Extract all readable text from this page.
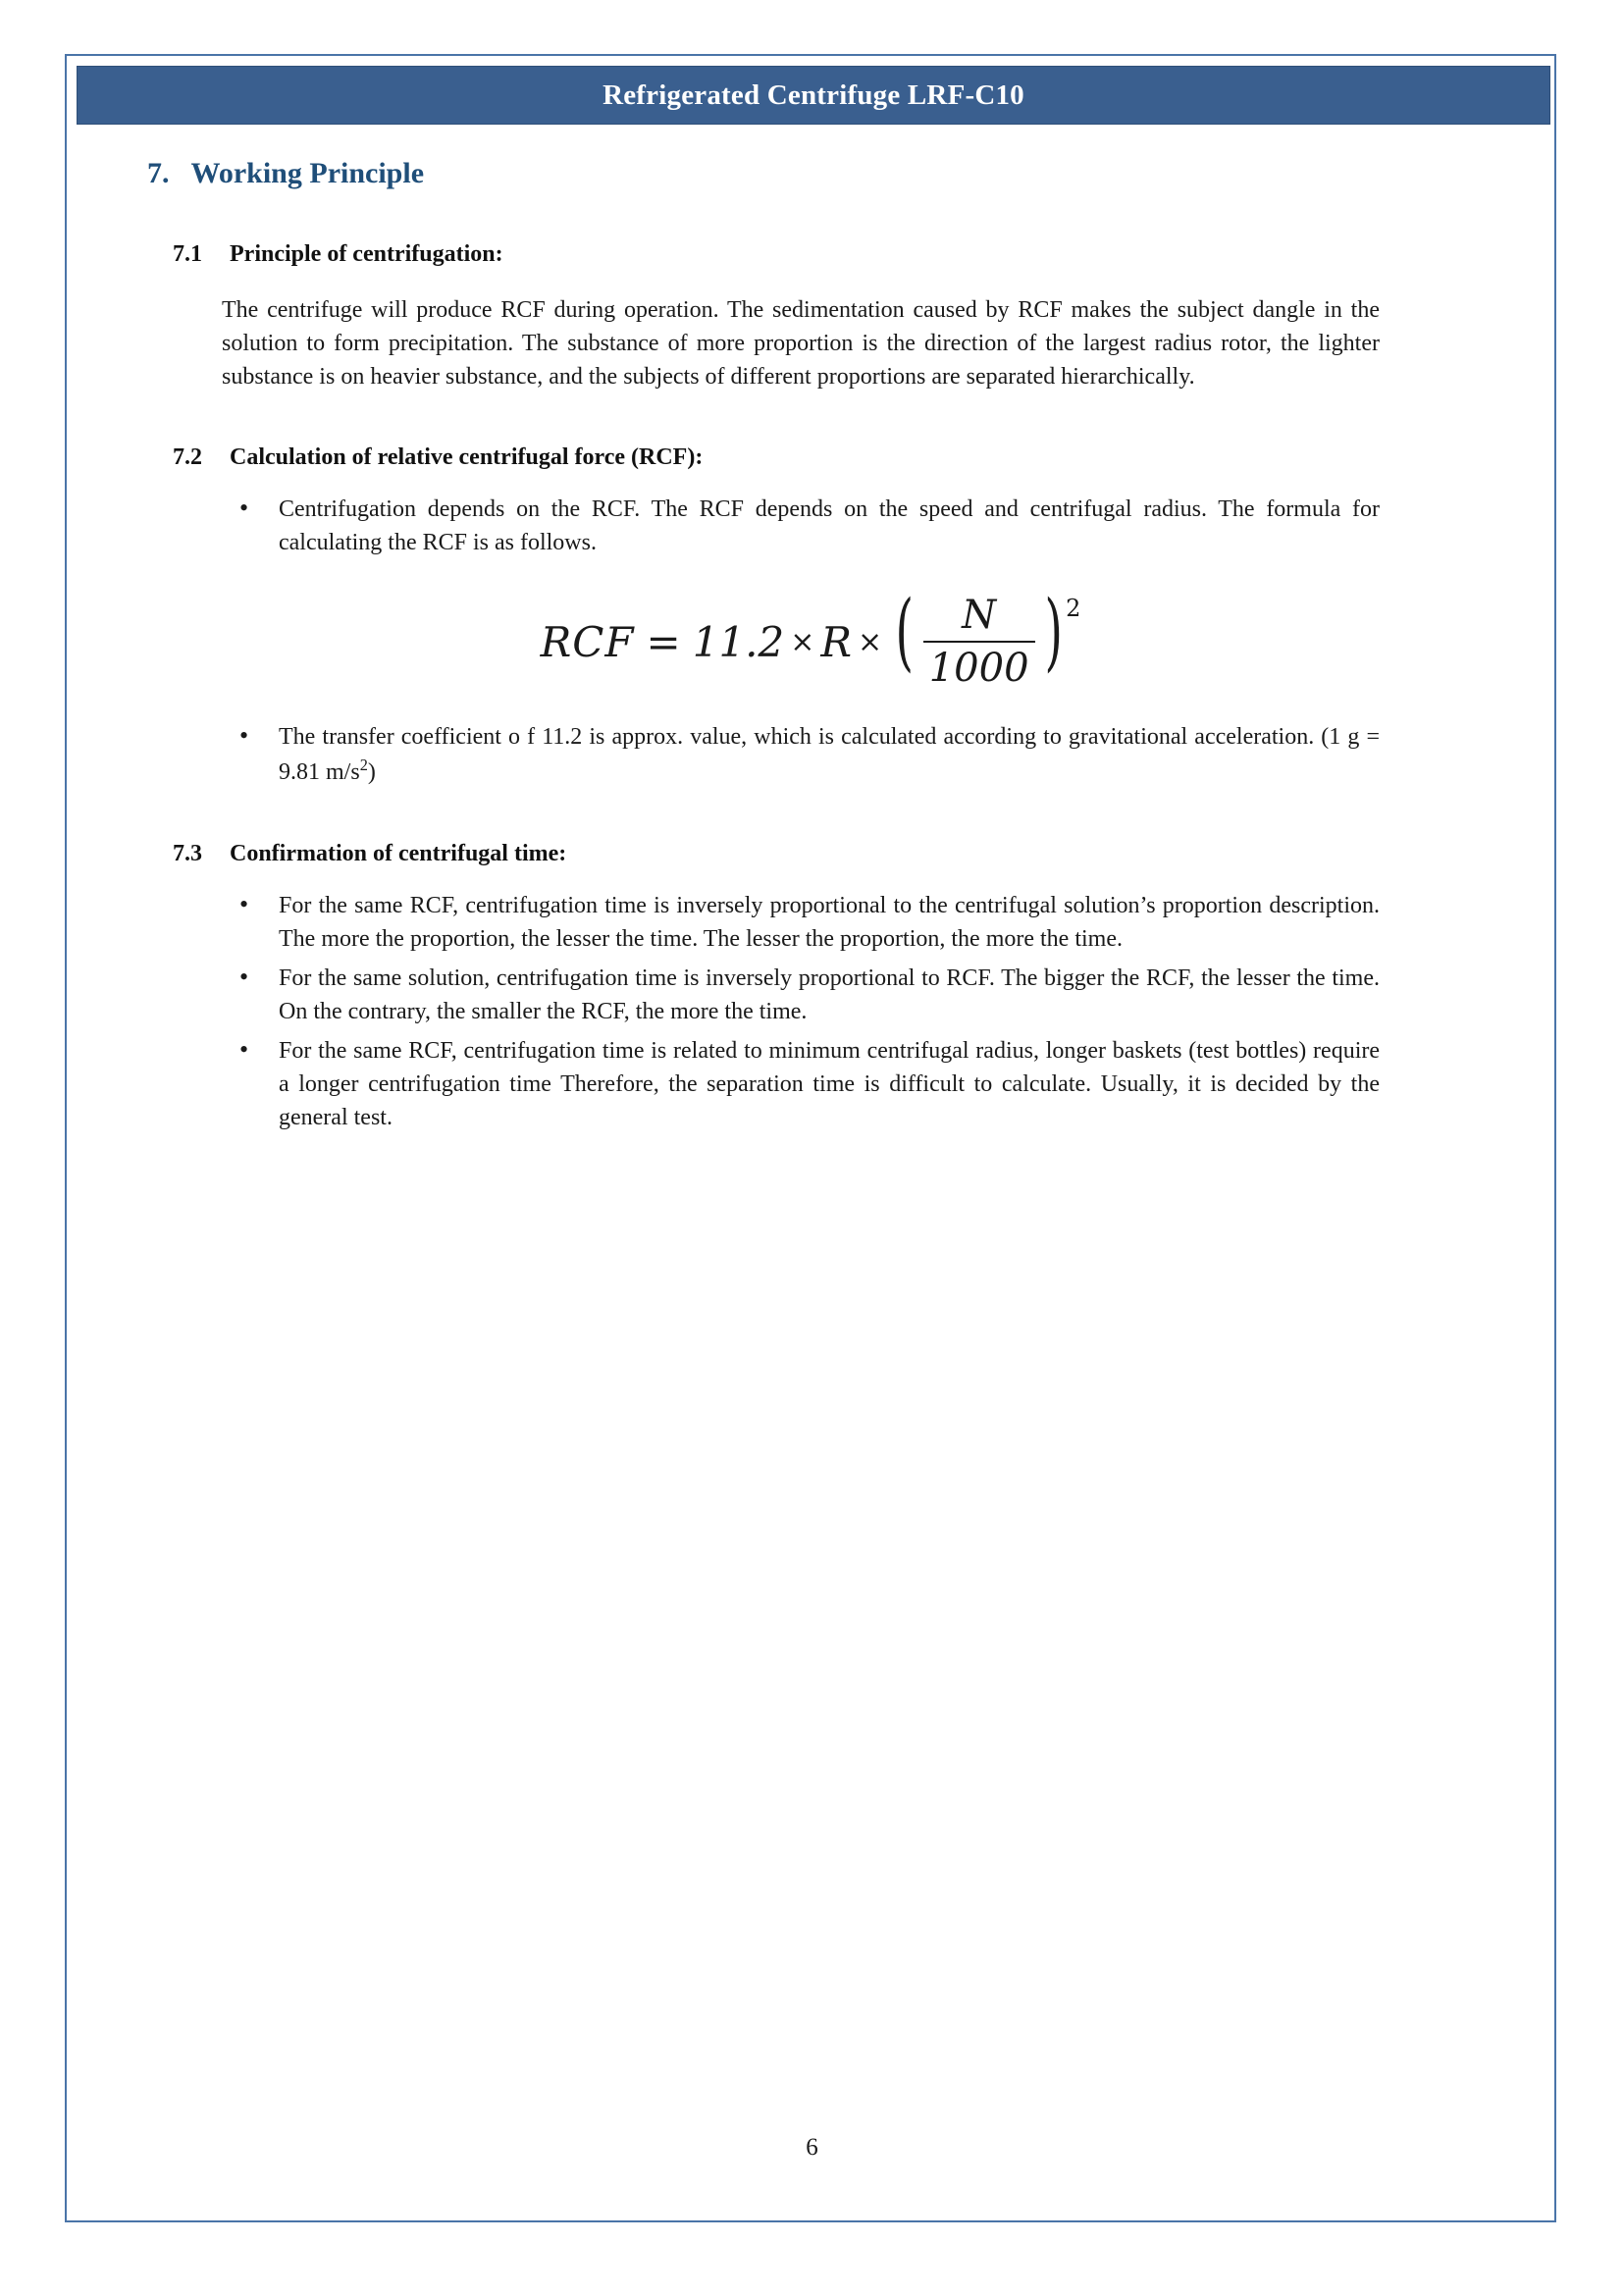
Refrigerated Centrifuge LRF-C10
7. Working Principle
7.1	Principle of centrifugation:

The centrifuge will produce RCF during operation. The sedimentation caused by RCF makes the subject dangle in the solution to form precipitation. The substance of more proportion is the direction of the largest radius rotor, the lighter substance is on heavier substance, and the subjects of different proportions are separated hierarchically.

7.2	Calculation of relative centrifugal force (RCF):
• Centrifugation depends on the RCF. The RCF depends on the speed and centrifugal radius. The formula for calculating the RCF is as follows.
RCF = 11.2 × R × ( $\frac{N}{1000}$ ) 2
• The transfer coefficient o f 11.2 is approx. value, which is calculated according to gravitational acceleration. (1 g = 9.81 $m/s^2$)
7.3	Confirmation of centrifugal time:
• For the same RCF, centrifugation time is inversely proportional to the centrifugal solution’s proportion description. The more the proportion, the lesser the time. The lesser the proportion, the more the time.
• For the same solution, centrifugation time is inversely proportional to RCF. The bigger the RCF, the lesser the time. On the contrary, the smaller the RCF, the more the time.
• For the same RCF, centrifugation time is related to minimum centrifugal radius, longer baskets (test bottles) require a longer centrifugation time Therefore, the separation time is difficult to calculate. Usually, it is decided by the general test.
6
